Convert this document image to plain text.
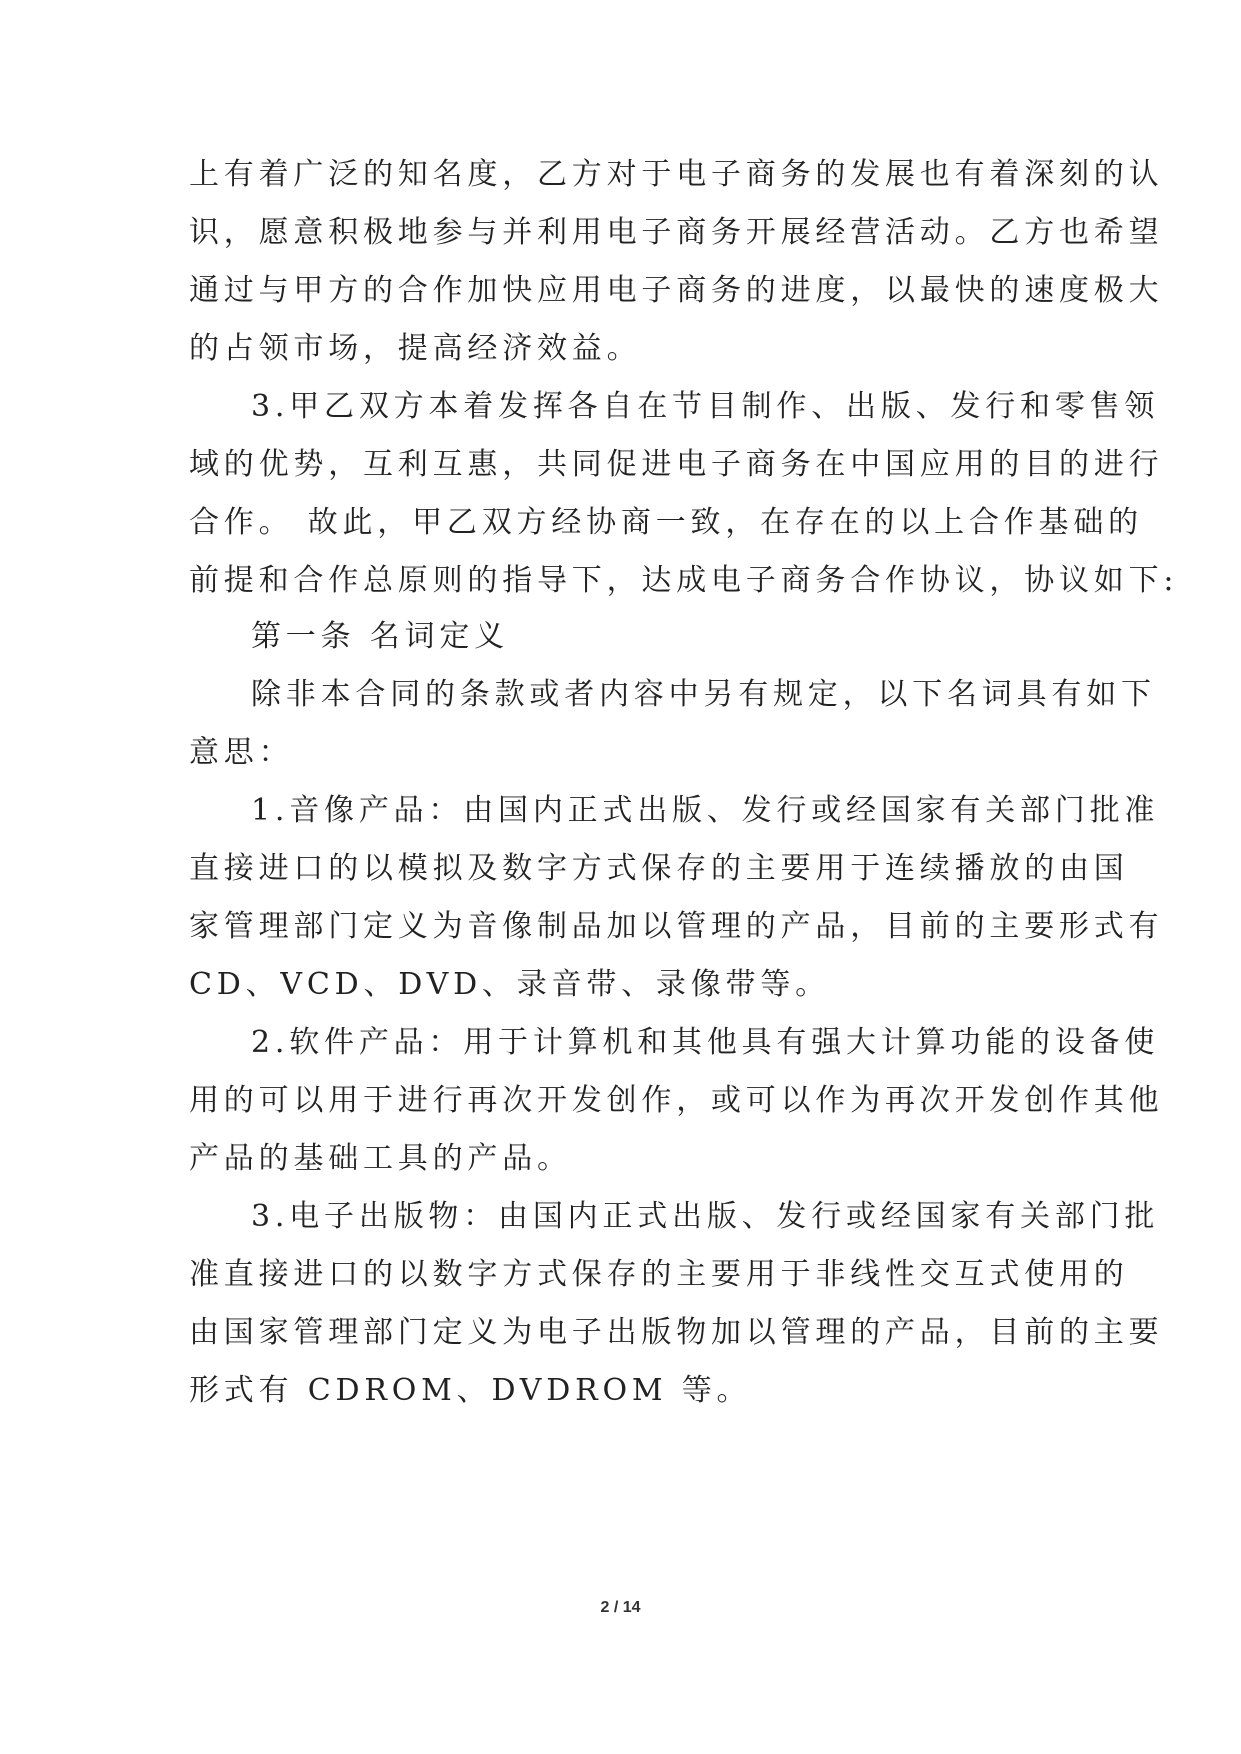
上有着广泛的知名度，乙方对于电子商务的发展也有着深刻的认
识，愿意积极地参与并利用电子商务开展经营活动。乙方也希望
通过与甲方的合作加快应用电子商务的进度，以最快的速度极大
的占领市场，提高经济效益。
3.甲乙双方本着发挥各自在节目制作、出版、发行和零售领
域的优势，互利互惠，共同促进电子商务在中国应用的目的进行
合作。 故此，甲乙双方经协商一致，在存在的以上合作基础的
前提和合作总原则的指导下，达成电子商务合作协议，协议如下:
第一条 名词定义
除非本合同的条款或者内容中另有规定，以下名词具有如下
意思：
1.音像产品：由国内正式出版、发行或经国家有关部门批准
直接进口的以模拟及数字方式保存的主要用于连续播放的由国
家管理部门定义为音像制品加以管理的产品，目前的主要形式有
CD、VCD、DVD、录音带、录像带等。
2.软件产品：用于计算机和其他具有强大计算功能的设备使
用的可以用于进行再次开发创作，或可以作为再次开发创作其他
产品的基础工具的产品。
3.电子出版物：由国内正式出版、发行或经国家有关部门批
准直接进口的以数字方式保存的主要用于非线性交互式使用的
由国家管理部门定义为电子出版物加以管理的产品，目前的主要
形式有 CDROM、DVDROM 等。
2 / 14
